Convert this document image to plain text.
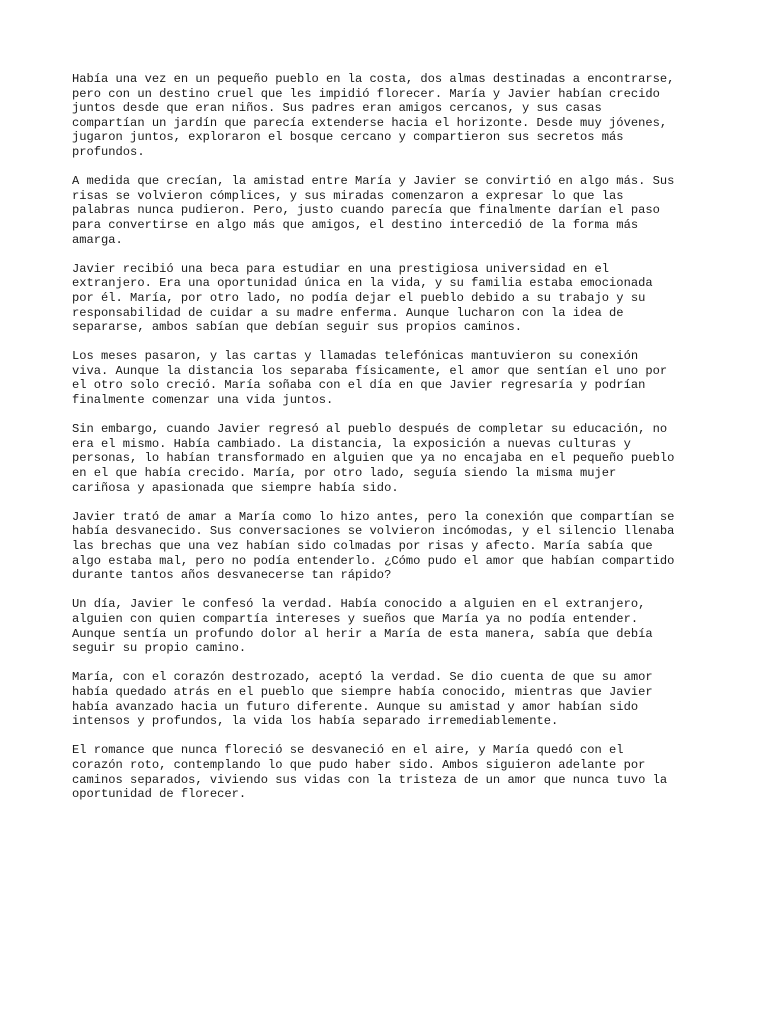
Había una vez en un pequeño pueblo en la costa, dos almas destinadas a encontrarse,
pero con un destino cruel que les impidió florecer. María y Javier habían crecido
juntos desde que eran niños. Sus padres eran amigos cercanos, y sus casas
compartían un jardín que parecía extenderse hacia el horizonte. Desde muy jóvenes,
jugaron juntos, exploraron el bosque cercano y compartieron sus secretos más
profundos.

A medida que crecían, la amistad entre María y Javier se convirtió en algo más. Sus
risas se volvieron cómplices, y sus miradas comenzaron a expresar lo que las
palabras nunca pudieron. Pero, justo cuando parecía que finalmente darían el paso
para convertirse en algo más que amigos, el destino intercedió de la forma más
amarga.

Javier recibió una beca para estudiar en una prestigiosa universidad en el
extranjero. Era una oportunidad única en la vida, y su familia estaba emocionada
por él. María, por otro lado, no podía dejar el pueblo debido a su trabajo y su
responsabilidad de cuidar a su madre enferma. Aunque lucharon con la idea de
separarse, ambos sabían que debían seguir sus propios caminos.

Los meses pasaron, y las cartas y llamadas telefónicas mantuvieron su conexión
viva. Aunque la distancia los separaba físicamente, el amor que sentían el uno por
el otro solo creció. María soñaba con el día en que Javier regresaría y podrían
finalmente comenzar una vida juntos.

Sin embargo, cuando Javier regresó al pueblo después de completar su educación, no
era el mismo. Había cambiado. La distancia, la exposición a nuevas culturas y
personas, lo habían transformado en alguien que ya no encajaba en el pequeño pueblo
en el que había crecido. María, por otro lado, seguía siendo la misma mujer
cariñosa y apasionada que siempre había sido.

Javier trató de amar a María como lo hizo antes, pero la conexión que compartían se
había desvanecido. Sus conversaciones se volvieron incómodas, y el silencio llenaba
las brechas que una vez habían sido colmadas por risas y afecto. María sabía que
algo estaba mal, pero no podía entenderlo. ¿Cómo pudo el amor que habían compartido
durante tantos años desvanecerse tan rápido?

Un día, Javier le confesó la verdad. Había conocido a alguien en el extranjero,
alguien con quien compartía intereses y sueños que María ya no podía entender.
Aunque sentía un profundo dolor al herir a María de esta manera, sabía que debía
seguir su propio camino.

María, con el corazón destrozado, aceptó la verdad. Se dio cuenta de que su amor
había quedado atrás en el pueblo que siempre había conocido, mientras que Javier
había avanzado hacia un futuro diferente. Aunque su amistad y amor habían sido
intensos y profundos, la vida los había separado irremediablemente.

El romance que nunca floreció se desvaneció en el aire, y María quedó con el
corazón roto, contemplando lo que pudo haber sido. Ambos siguieron adelante por
caminos separados, viviendo sus vidas con la tristeza de un amor que nunca tuvo la
oportunidad de florecer.
